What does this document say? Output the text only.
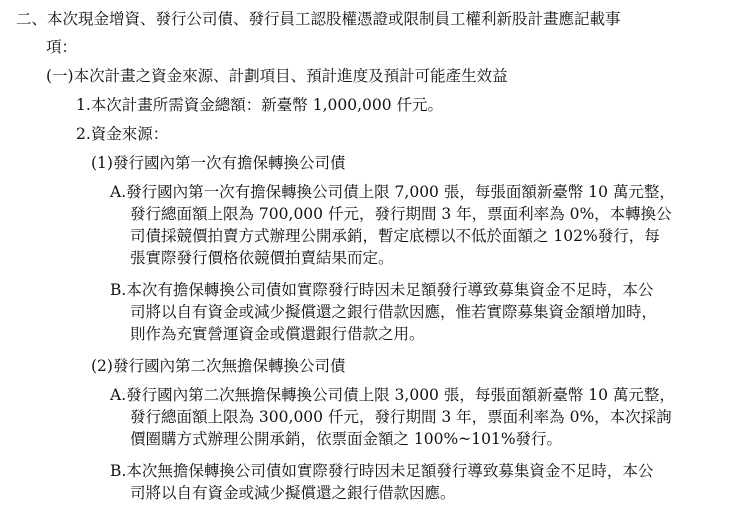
二、本次現金增資、發行公司債、發行員工認股權憑證或限制員工權利新股計畫應記載事
項：
(一)本次計畫之資金來源、計劃項目、預計進度及預計可能產生效益
1.本次計畫所需資金總額：新臺幣 1,000,000 仟元。
2.資金來源：
(1)發行國內第一次有擔保轉換公司債
A.發行國內第一次有擔保轉換公司債上限 7,000 張，每張面額新臺幣 10 萬元整，
發行總面額上限為 700,000 仟元，發行期間 3 年，票面利率為 0%，本轉換公
司債採競價拍賣方式辦理公開承銷，暫定底標以不低於面額之 102%發行，每
張實際發行價格依競價拍賣結果而定。
B.本次有擔保轉換公司債如實際發行時因未足額發行導致募集資金不足時，本公
司將以自有資金或減少擬償還之銀行借款因應，惟若實際募集資金額增加時，
則作為充實營運資金或償還銀行借款之用。
(2)發行國內第二次無擔保轉換公司債
A.發行國內第二次無擔保轉換公司債上限 3,000 張，每張面額新臺幣 10 萬元整，
發行總面額上限為 300,000 仟元，發行期間 3 年，票面利率為 0%，本次採詢
價圈購方式辦理公開承銷，依票面金額之 100%~101%發行。
B.本次無擔保轉換公司債如實際發行時因未足額發行導致募集資金不足時，本公
司將以自有資金或減少擬償還之銀行借款因應。
